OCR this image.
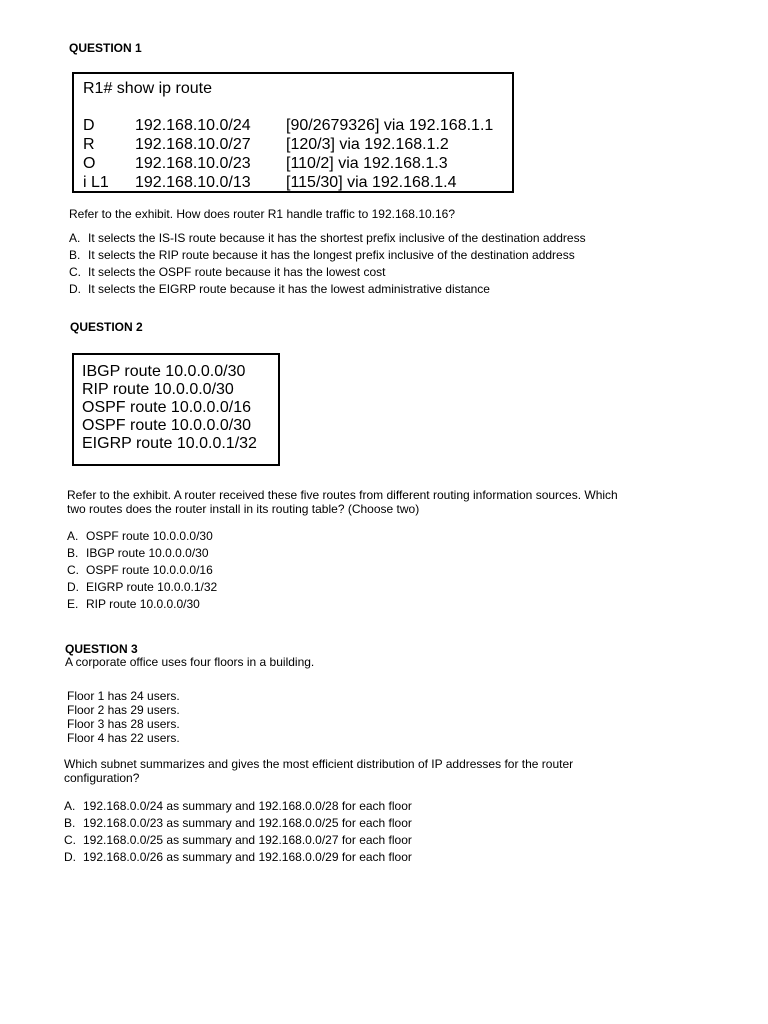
QUESTION 1
R1# show ip route
D	192.168.10.0/24 [90/2679326] via 192.168.1.1
R	192.168.10.0/27 [120/3] via 192.168.1.2
O 192.168.10.0/23 [110/2] via 192.168.1.3
i L1 192.168.10.0/13 [115/30] via 192.168.1.4
Refer to the exhibit. How does router R1 handle traffic to 192.168.10.16?
A. It selects the IS-IS route because it has the shortest prefix inclusive of the destination address
B. It selects the RIP route because it has the longest prefix inclusive of the destination address
C. It selects the OSPF route because it has the lowest cost
D. It selects the EIGRP route because it has the lowest administrative distance
QUESTION 2
IBGP route 10.0.0.0/30
RIP route 10.0.0.0/30
OSPF route 10.0.0.0/16
OSPF route 10.0.0.0/30
EIGRP route 10.0.0.1/32
Refer to the exhibit. A router received these five routes from different routing information sources. Which
two routes does the router install in its routing table? (Choose two)
A. OSPF route 10.0.0.0/30
B. IBGP route 10.0.0.0/30
C. OSPF route 10.0.0.0/16
D. EIGRP route 10.0.0.1/32
E. RIP route 10.0.0.0/30
QUESTION 3
A corporate office uses four floors in a building.
Floor 1 has 24 users.
Floor 2 has 29 users.
Floor 3 has 28 users.
Floor 4 has 22 users.
Which subnet summarizes and gives the most efficient distribution of IP addresses for the router
configuration?
A. 192.168.0.0/24 as summary and 192.168.0.0/28 for each floor
B. 192.168.0.0/23 as summary and 192.168.0.0/25 for each floor
C. 192.168.0.0/25 as summary and 192.168.0.0/27 for each floor
D. 192.168.0.0/26 as summary and 192.168.0.0/29 for each floor
